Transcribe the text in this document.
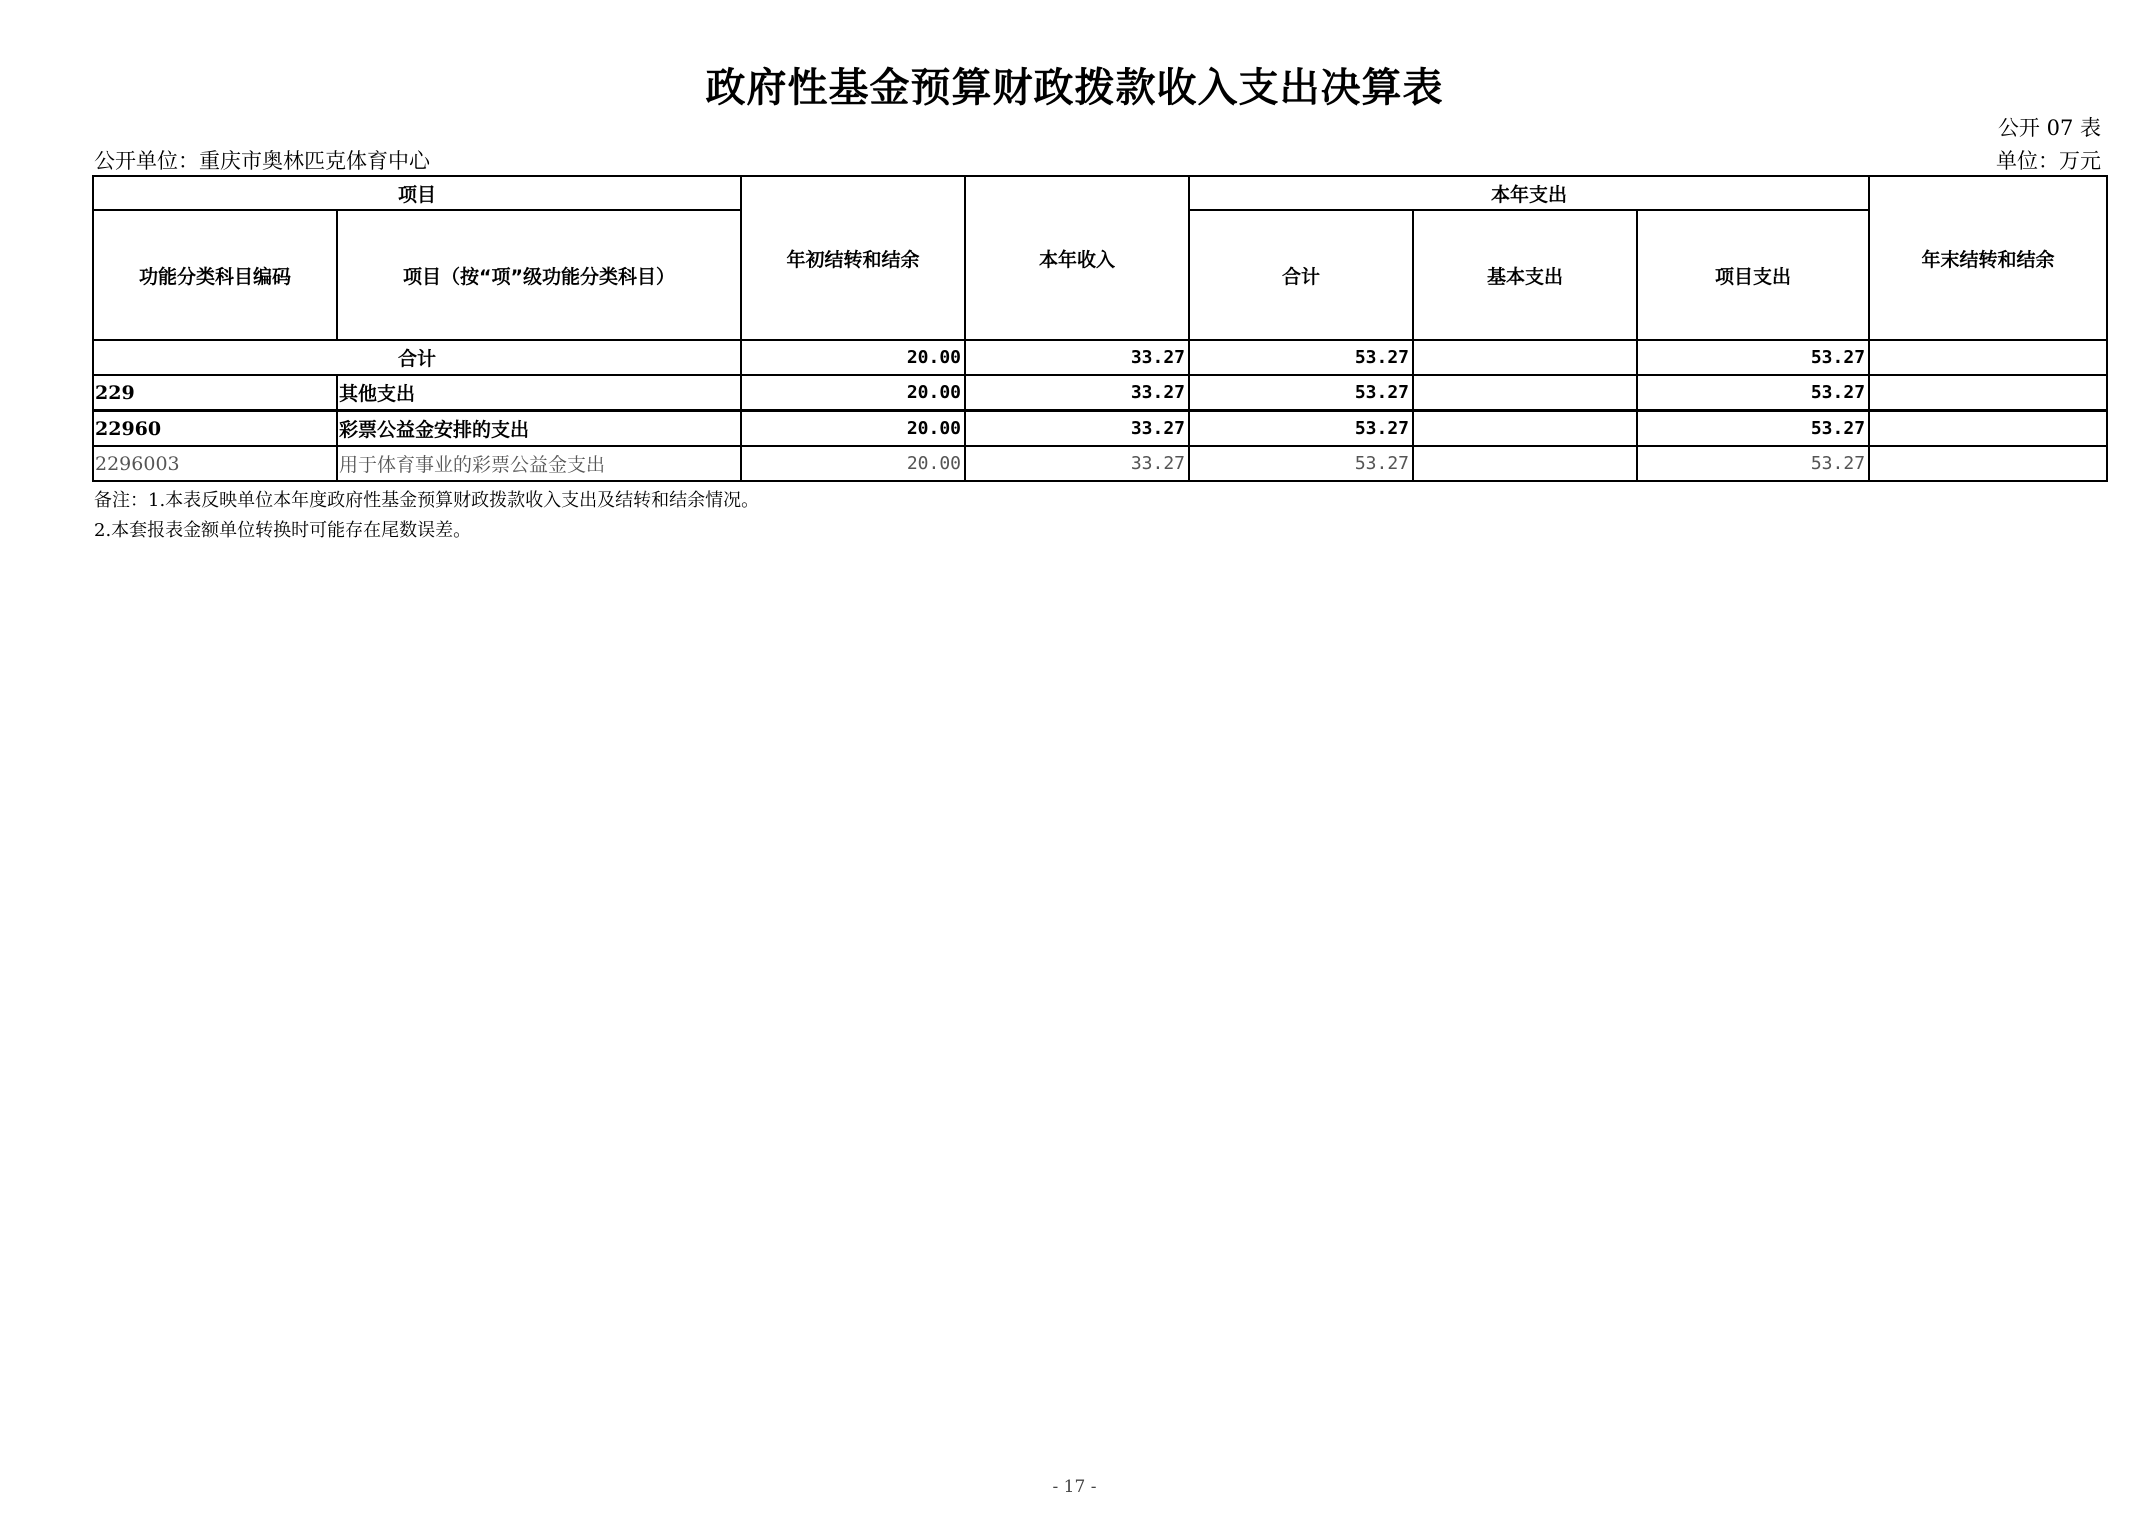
政府性基金预算财政拨款收入支出决算表
公开 07 表
公开单位：重庆市奥林匹克体育中心	单位：万元
项目		年初结转和结余	本年收入	本年支出			年末结转和结余
功能分类科目编码	项目（按“项”级功能分类科目）			合计	基本支出	项目支出	
合计		20.00	33.27	53.27		53.27	
229	其他支出	20.00	33.27	53.27		53.27	
22960	彩票公益金安排的支出	20.00	33.27	53.27		53.27	
2296003	用于体育事业的彩票公益金支出	20.00	33.27	53.27		53.27	
备注：1.本表反映单位本年度政府性基金预算财政拨款收入支出及结转和结余情况。
2.本套报表金额单位转换时可能存在尾数误差。
- 17 -
